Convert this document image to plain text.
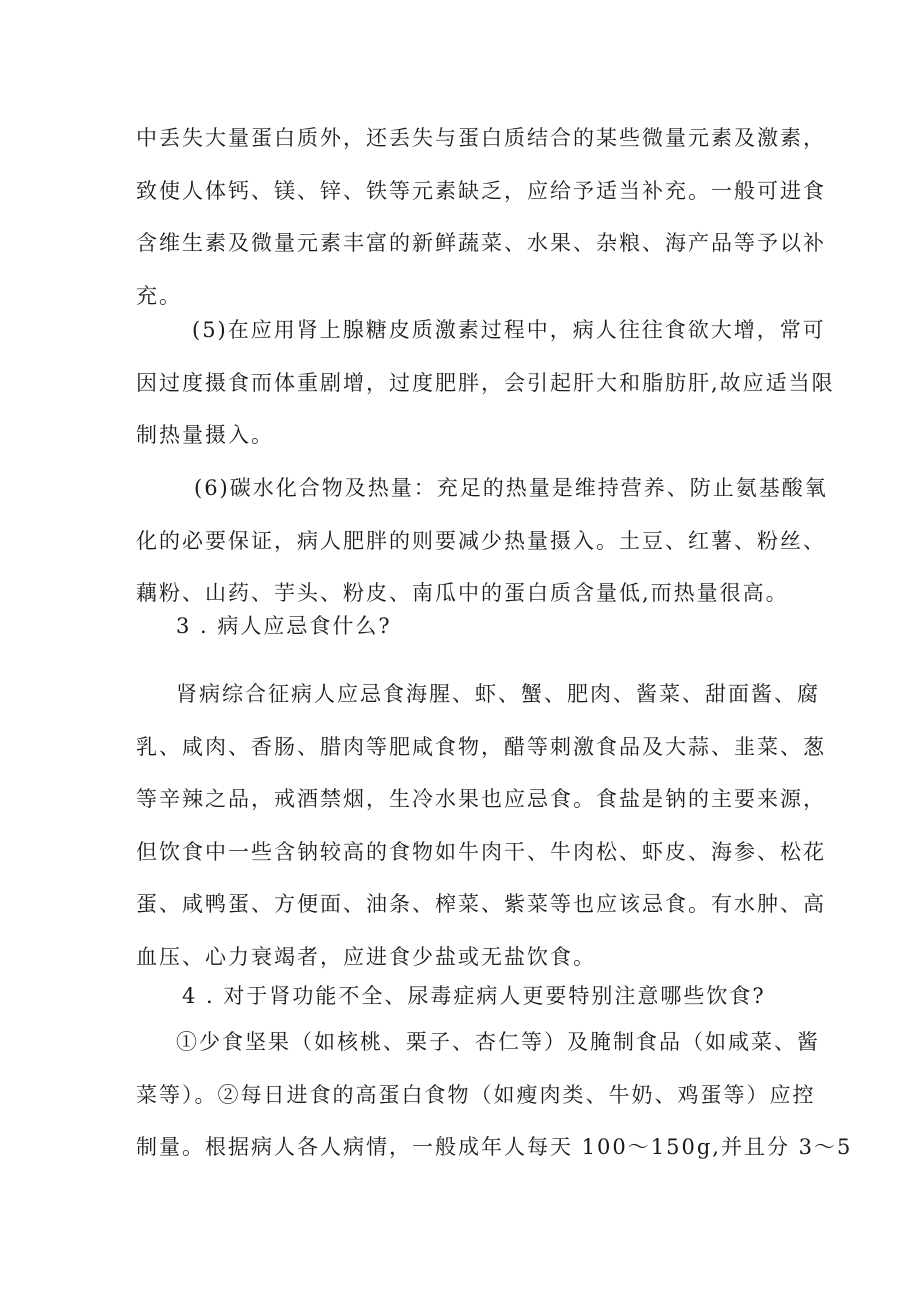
中丢失大量蛋白质外，还丢失与蛋白质结合的某些微量元素及激素，
致使人体钙、镁、锌、铁等元素缺乏，应给予适当补充。一般可进食
含维生素及微量元素丰富的新鲜蔬菜、水果、杂粮、海产品等予以补
充。
(5)在应用肾上腺糖皮质激素过程中，病人往往食欲大增，常可
因过度摄食而体重剧增，过度肥胖，会引起肝大和脂肪肝,故应适当限
制热量摄入。
(6)碳水化合物及热量：充足的热量是维持营养、防止氨基酸氧
化的必要保证，病人肥胖的则要减少热量摄入。土豆、红薯、粉丝、
藕粉、山药、芋头、粉皮、南瓜中的蛋白质含量低,而热量很高。
3 . 病人应忌食什么?
肾病综合征病人应忌食海腥、虾、蟹、肥肉、酱菜、甜面酱、腐
乳、咸肉、香肠、腊肉等肥咸食物，醋等刺激食品及大蒜、韭菜、葱
等辛辣之品，戒酒禁烟，生冷水果也应忌食。食盐是钠的主要来源，
但饮食中一些含钠较高的食物如牛肉干、牛肉松、虾皮、海参、松花
蛋、咸鸭蛋、方便面、油条、榨菜、紫菜等也应该忌食。有水肿、高
血压、心力衰竭者，应进食少盐或无盐饮食。
4 . 对于肾功能不全、尿毒症病人更要特别注意哪些饮食?
①少食坚果（如核桃、栗子、杏仁等）及腌制食品（如咸菜、酱
菜等）。②每日进食的高蛋白食物（如瘦肉类、牛奶、鸡蛋等）应控
制量。根据病人各人病情，一般成年人每天 100～150g,并且分 3～5
